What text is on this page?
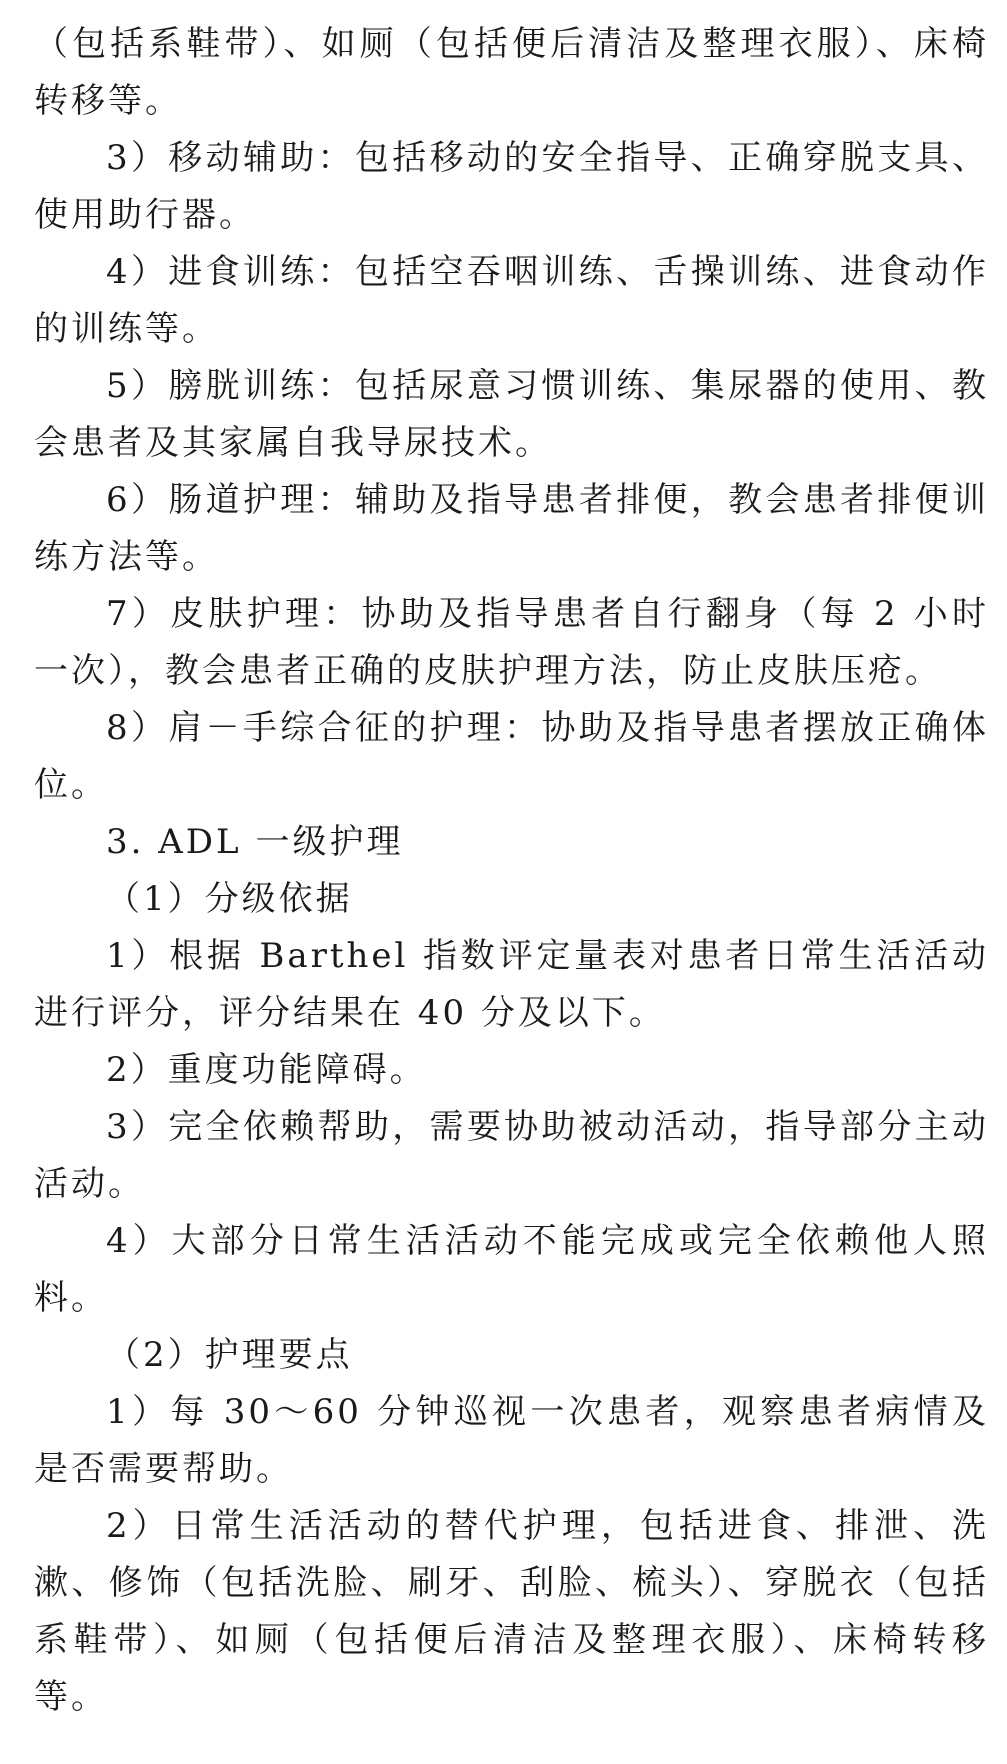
（包括系鞋带）、如厕（包括便后清洁及整理衣服）、床椅转移等。

3）移动辅助：包括移动的安全指导、正确穿脱支具、使用助行器。

4）进食训练：包括空吞咽训练、舌操训练、进食动作的训练等。

5）膀胱训练：包括尿意习惯训练、集尿器的使用、教会患者及其家属自我导尿技术。

6）肠道护理：辅助及指导患者排便，教会患者排便训练方法等。

7）皮肤护理：协助及指导患者自行翻身（每 2 小时一次），教会患者正确的皮肤护理方法，防止皮肤压疮。

8）肩－手综合征的护理：协助及指导患者摆放正确体位。

3. ADL 一级护理

（1）分级依据

1）根据 Barthel 指数评定量表对患者日常生活活动进行评分，评分结果在 40 分及以下。

2）重度功能障碍。

3）完全依赖帮助，需要协助被动活动，指导部分主动活动。

4）大部分日常生活活动不能完成或完全依赖他人照料。

（2）护理要点

1）每 30～60 分钟巡视一次患者，观察患者病情及是否需要帮助。

2）日常生活活动的替代护理，包括进食、排泄、洗漱、修饰（包括洗脸、刷牙、刮脸、梳头）、穿脱衣（包括系鞋带）、如厕（包括便后清洁及整理衣服）、床椅转移等。
